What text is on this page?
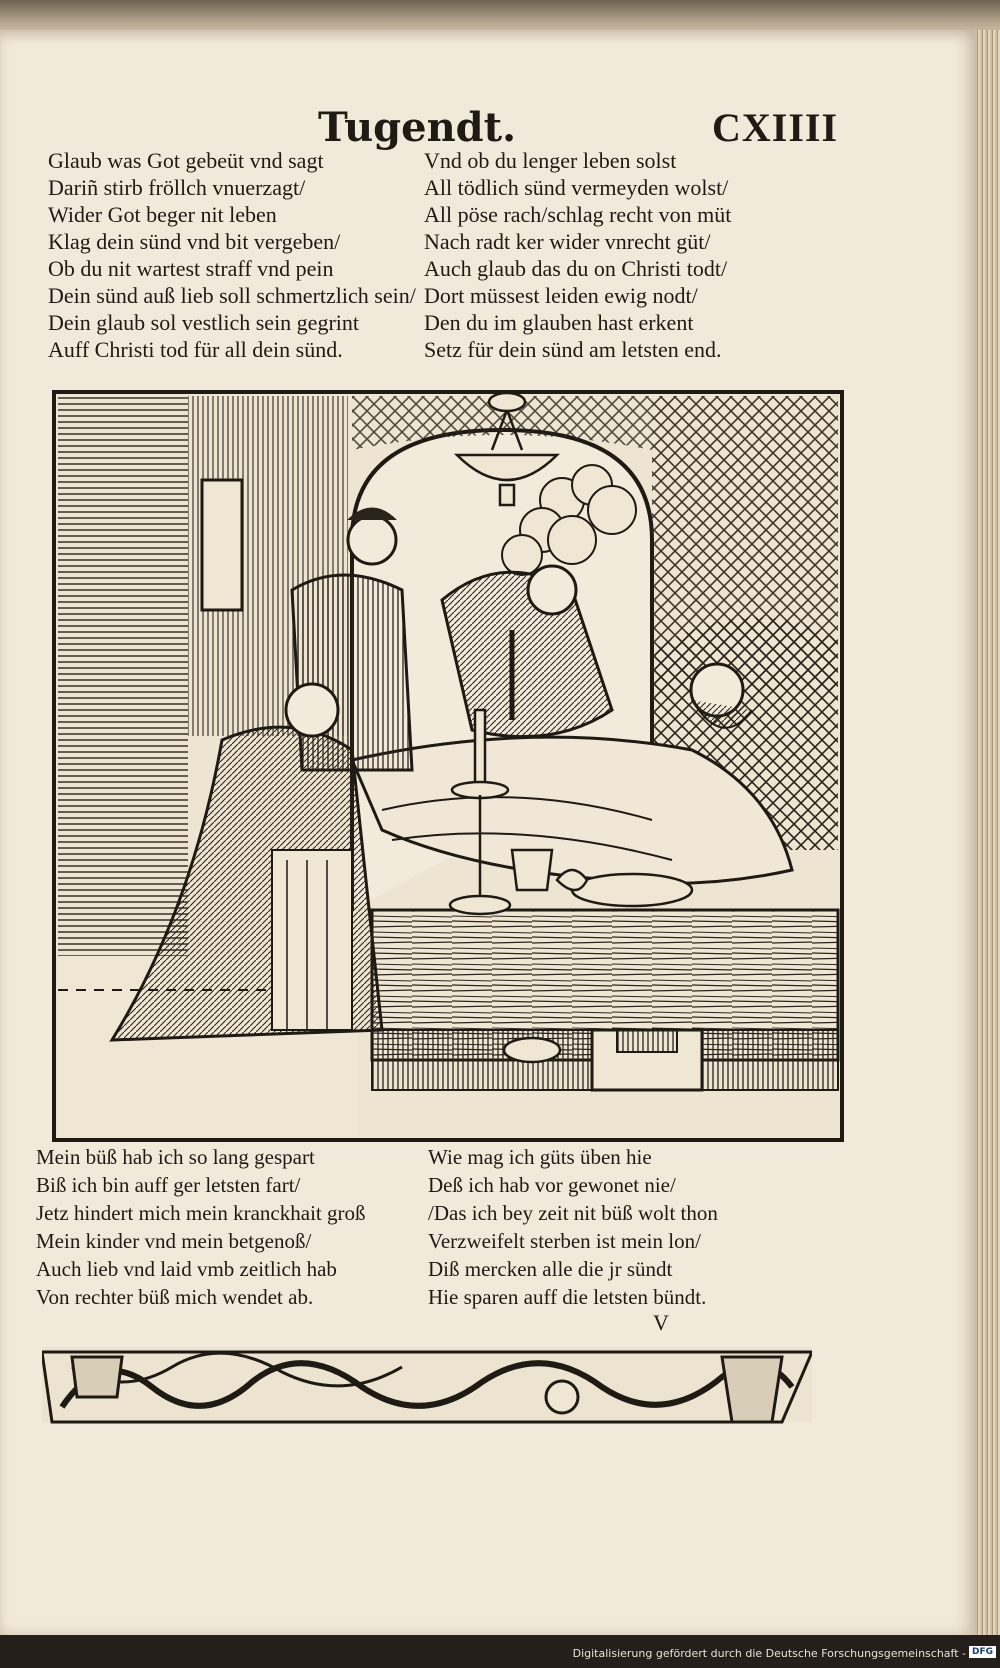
Tugendt.	CXIIII
Glaub was Got gebeüt vnd sagt
Dariñ stirb fröllch vnuerzagt/
Wider Got beger nit leben
Klag dein sünd vnd bit vergeben/
Ob du nit wartest straff vnd pein
Dein sünd auß lieb soll schmertzlich sein/
Dein glaub sol vestlich sein gegrint
Auff Christi tod für all dein sünd.
Vnd ob du lenger leben solst
All tödlich sünd vermeyden wolst/
All pöse rach/schlag recht von müt
Nach radt ker wider vnrecht güt/
Auch glaub das du on Christi todt/
Dort müssest leiden ewig nodt/
Den du im glauben hast erkent
Setz für dein sünd am letsten end.
Mein büß hab ich so lang gespart
Biß ich bin auff ger letsten fart/
Jetz hindert mich mein kranckhait groß
Mein kinder vnd mein betgenoß/
Auch lieb vnd laid vmb zeitlich hab
Von rechter büß mich wendet ab.
Wie mag ich güts üben hie
Deß ich hab vor gewonet nie/
/Das ich bey zeit nit büß wolt thon
Verzweifelt sterben ist mein lon/
Diß mercken alle die jr sündt
Hie sparen auff die letsten bündt.
V
Digitalisierung gefördert durch die Deutsche Forschungsgemeinschaft - DFG
